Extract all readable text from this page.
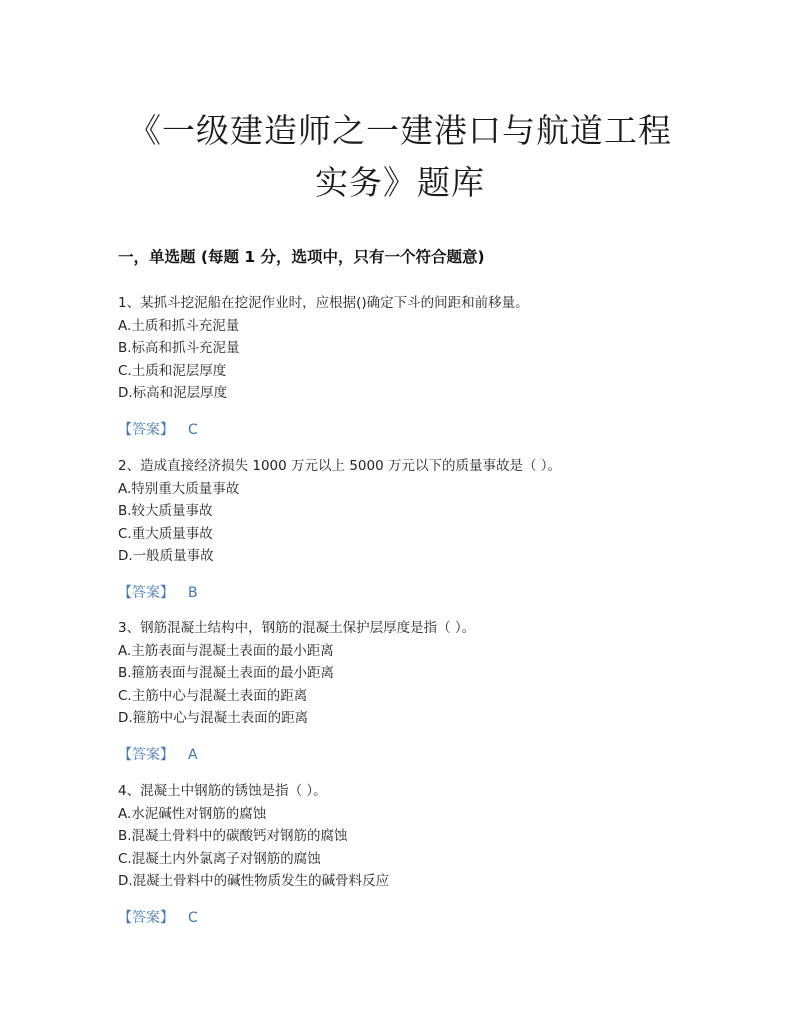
《一级建造师之一建港口与航道工程
实务》题库
一，单选题 (每题 1 分，选项中，只有一个符合题意)
1、某抓斗挖泥船在挖泥作业时，应根据()确定下斗的间距和前移量。
A.土质和抓斗充泥量
B.标高和抓斗充泥量
C.土质和泥层厚度
D.标高和泥层厚度
【答案】 C
2、造成直接经济损失 1000 万元以上 5000 万元以下的质量事故是（ ）。
A.特别重大质量事故
B.较大质量事故
C.重大质量事故
D.一般质量事故
【答案】 B
3、钢筋混凝土结构中，钢筋的混凝土保护层厚度是指（ ）。
A.主筋表面与混凝土表面的最小距离
B.箍筋表面与混凝土表面的最小距离
C.主筋中心与混凝土表面的距离
D.箍筋中心与混凝土表面的距离
【答案】 A
4、混凝土中钢筋的锈蚀是指（ ）。
A.水泥碱性对钢筋的腐蚀
B.混凝土骨料中的碳酸钙对钢筋的腐蚀
C.混凝土内外氯离子对钢筋的腐蚀
D.混凝土骨料中的碱性物质发生的碱骨料反应
【答案】 C
